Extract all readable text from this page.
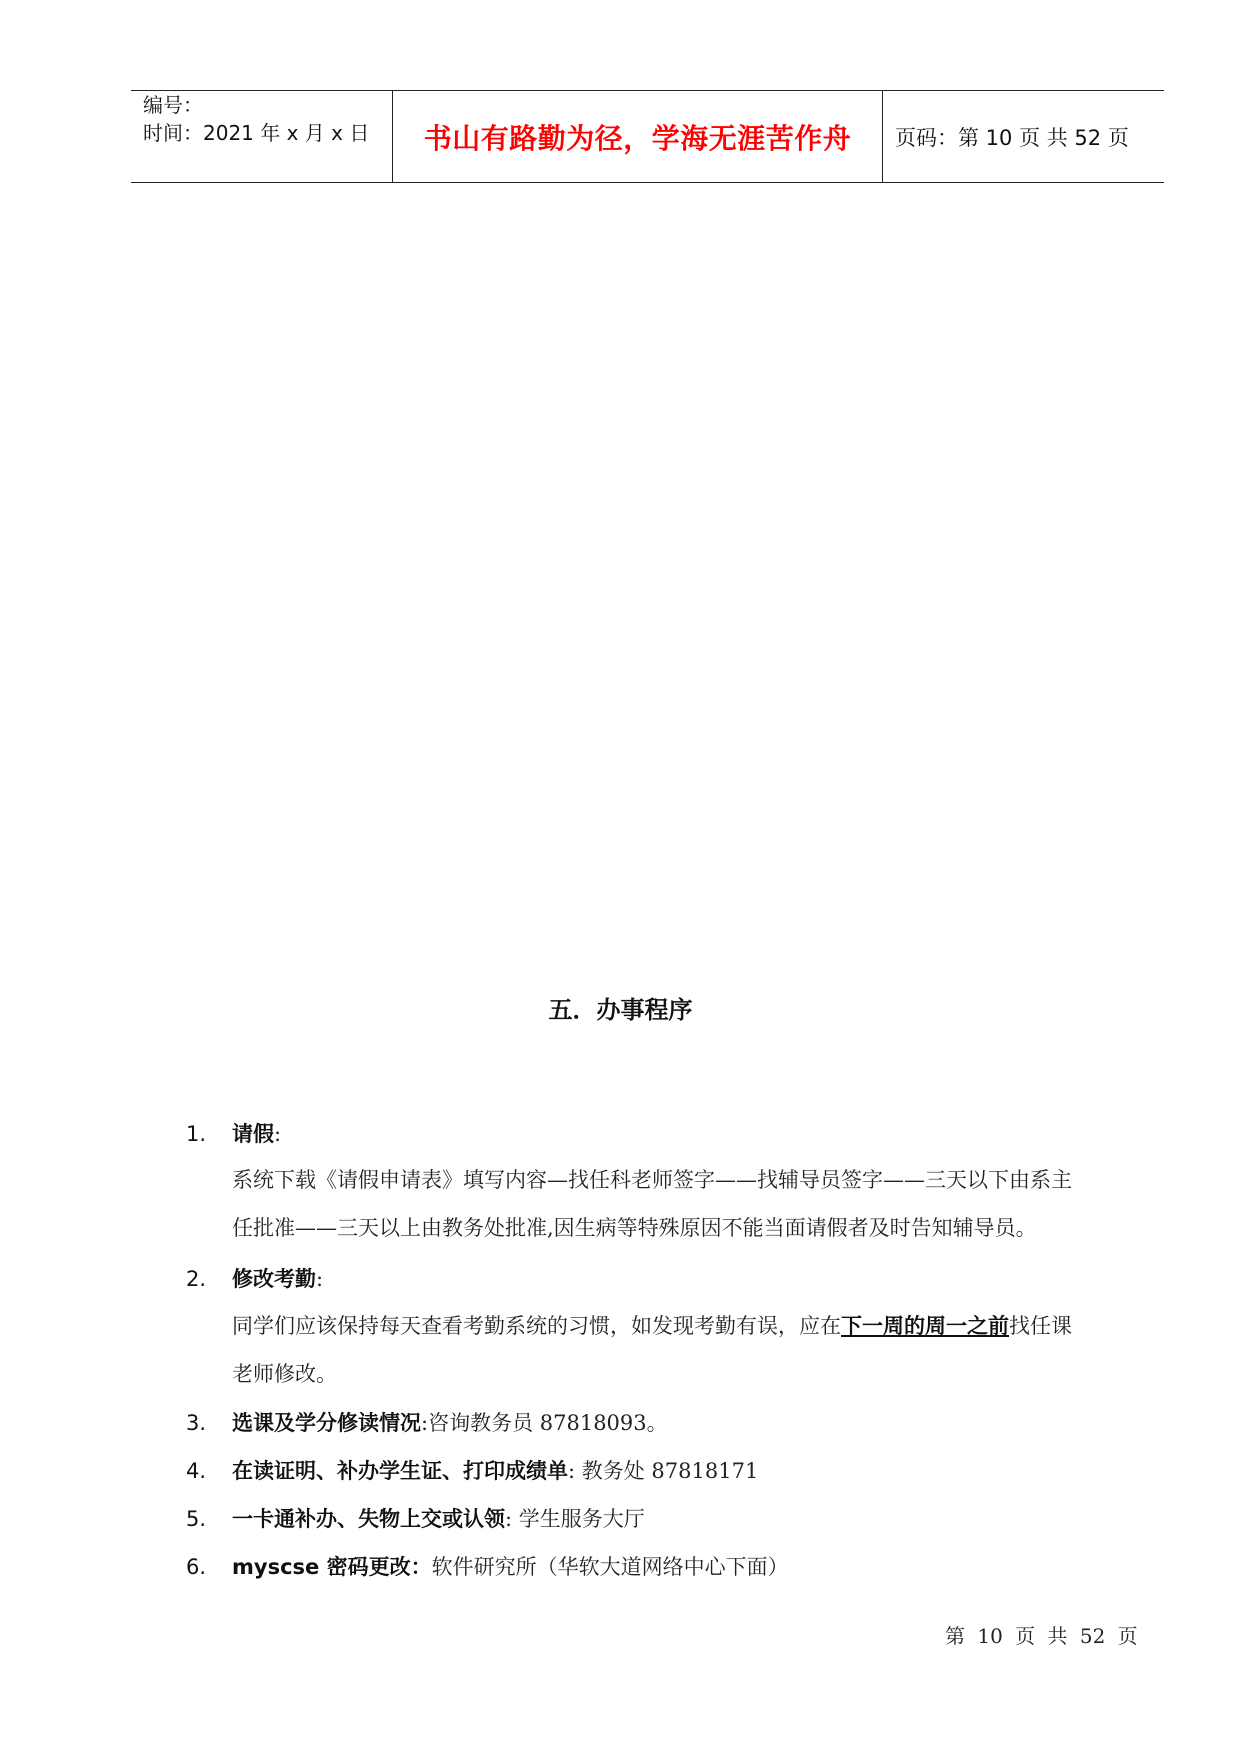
编号：
时间：2021 年 x 月 x 日	书山有路勤为径，学海无涯苦作舟 页码：第 10 页 共 52 页
五．办事程序
1. 请假:
系统下载《请假申请表》填写内容—找任科老师签字——找辅导员签字——三天以下由系主
任批准——三天以上由教务处批准,因生病等特殊原因不能当面请假者及时告知辅导员。
2. 修改考勤:
同学们应该保持每天查看考勤系统的习惯，如发现考勤有误，应在下一周的周一之前找任课
老师修改。
3. 选课及学分修读情况:咨询教务员 87818093。
4. 在读证明、补办学生证、打印成绩单: 教务处 87818171
5. 一卡通补办、失物上交或认领: 学生服务大厅
6. myscse 密码更改：软件研究所（华软大道网络中心下面）
第 10 页 共 52 页
